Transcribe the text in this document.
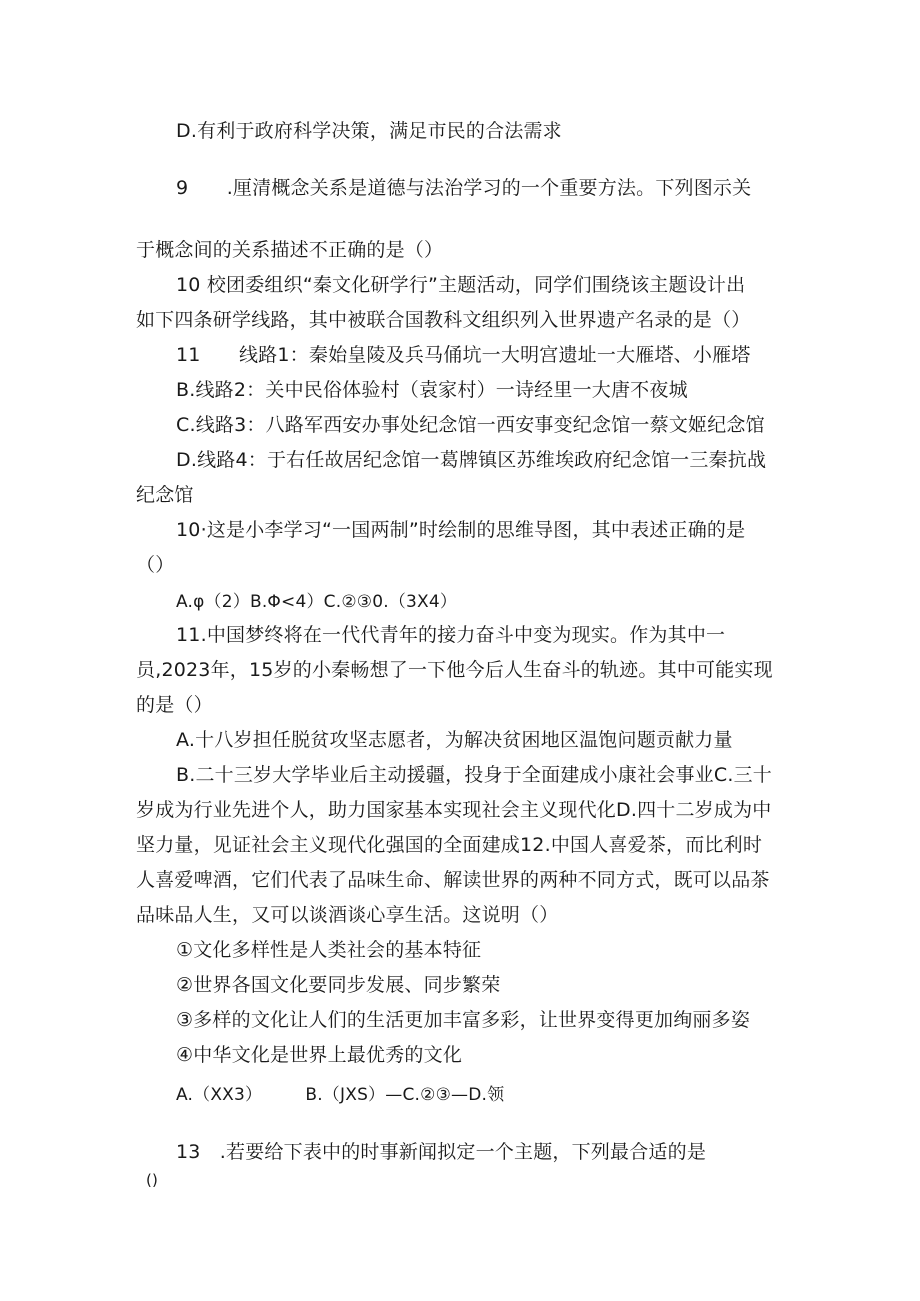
D.有利于政府科学决策，满足市民的合法需求
9　　.厘清概念关系是道德与法治学习的一个重要方法。下列图示关
于概念间的关系描述不正确的是（）
10 校团委组织“秦文化研学行”主题活动，同学们围绕该主题设计出
如下四条研学线路，其中被联合国教科文组织列入世界遗产名录的是（）
11　　线路1：秦始皇陵及兵马俑坑一大明宫遗址一大雁塔、小雁塔
B.线路2：关中民俗体验村（袁家村）一诗经里一大唐不夜城
C.线路3：八路军西安办事处纪念馆一西安事变纪念馆一蔡文姬纪念馆
D.线路4：于右任故居纪念馆一葛牌镇区苏维埃政府纪念馆一三秦抗战
纪念馆
10·这是小李学习“一国两制”时绘制的思维导图，其中表述正确的是
（）
A.φ（2）B.Φ<4）C.②③0.（3X4）
11.中国梦终将在一代代青年的接力奋斗中变为现实。作为其中一
员,2023年，15岁的小秦畅想了一下他今后人生奋斗的轨迹。其中可能实现
的是（）
A.十八岁担任脱贫攻坚志愿者，为解决贫困地区温饱问题贡献力量
B.二十三岁大学毕业后主动援疆，投身于全面建成小康社会事业C.三十
岁成为行业先进个人，助力国家基本实现社会主义现代化D.四十二岁成为中
坚力量，见证社会主义现代化强国的全面建成12.中国人喜爱茶，而比利时
人喜爱啤酒，它们代表了品味生命、解读世界的两种不同方式，既可以品茶
品味品人生，又可以谈酒谈心享生活。这说明（）
①文化多样性是人类社会的基本特征
②世界各国文化要同步发展、同步繁荣
③多样的文化让人们的生活更加丰富多彩，让世界变得更加绚丽多姿
④中华文化是世界上最优秀的文化
A.（XX3）　　　B.（JXS）—C.②③—D.领
13　.若要给下表中的时事新闻拟定一个主题，下列最合适的是
()
